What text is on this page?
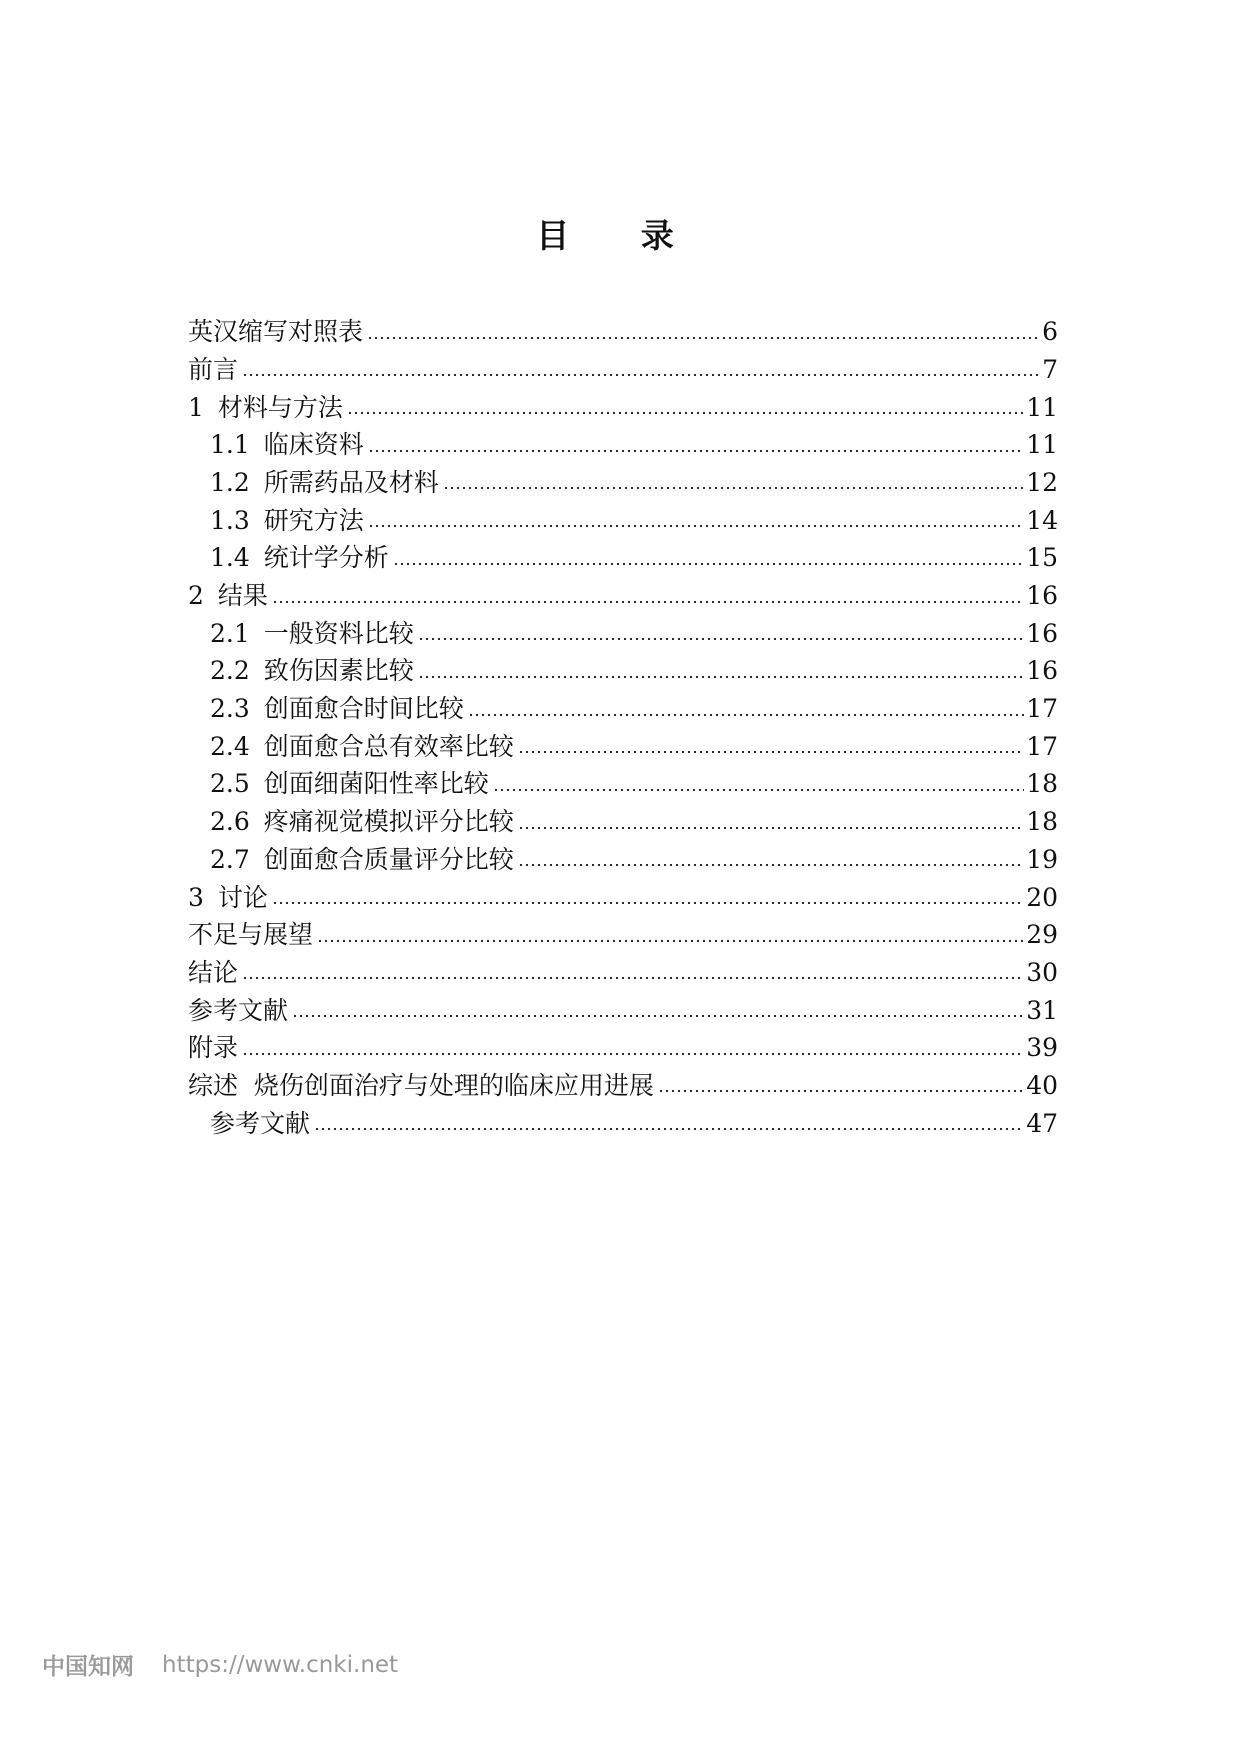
目 录
英汉缩写对照表	6
前言	7
1 材料与方法	11
1.1 临床资料	11
1.2 所需药品及材料	12
1.3 研究方法	14
1.4 统计学分析	15
2 结果	16
2.1 一般资料比较	16
2.2 致伤因素比较	16
2.3 创面愈合时间比较	17
2.4 创面愈合总有效率比较	17
2.5 创面细菌阳性率比较	18
2.6 疼痛视觉模拟评分比较	18
2.7 创面愈合质量评分比较	19
3 讨论	20
不足与展望	29
结论	30
参考文献	31
附录	39
综述  烧伤创面治疗与处理的临床应用进展	40
参考文献	47
中国知网 https://www.cnki.net
